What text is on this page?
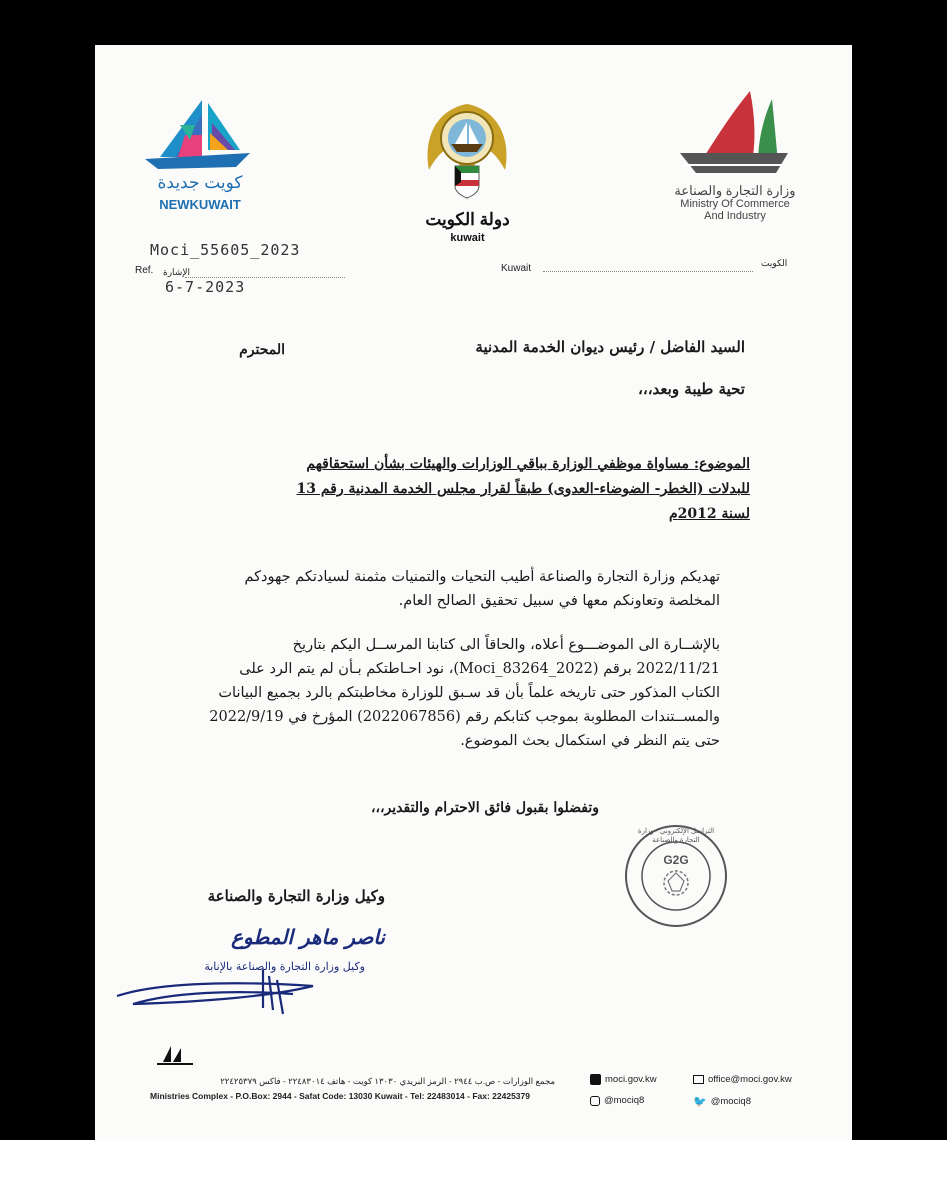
كويت جديدة
NEWKUWAIT
دولة الكويت
kuwait
وزارة التجارة والصناعة
Ministry Of Commerce
And Industry
Moci_55605_2023
Ref. الإشارة
6-7-2023
Kuwait	الكويت
السيد الفاضل / رئيس ديوان الخدمة المدنية
المحترم
تحية طيبة وبعد،،،
الموضوع: مساواة موظفي الوزارة بباقي الوزارات والهيئات بشأن استحقاقهم
للبدلات (الخطر- الضوضاء-العدوى) طبقاً لقرار مجلس الخدمة المدنية رقم 13
لسنة 2012م
تهديكم وزارة التجارة والصناعة أطيب التحيات والتمنيات مثمنة لسيادتكم جهودكم
المخلصة وتعاونكم معها في سبيل تحقيق الصالح العام.
بالإشــارة الى الموضـــوع أعلاه، والحاقاً الى كتابنا المرســل اليكم بتاريخ
2022/11/21 برقم (Moci_83264_2022)، نود احـاطتكم بـأن لم يتم الرد على
الكتاب المذكور حتى تاريخه علماً بأن قد سـبق للوزارة مخاطبتكم بالرد بجميع البيانات
والمســتندات المطلوبة بموجب كتابكم رقم (2022067856) المؤرخ في 2022/9/19
حتى يتم النظر في استكمال بحث الموضوع.
وتفضلوا بقبول فائق الاحترام والتقدير،،،
التراسل الإلكتروني - وزارة التجارة والصناعة
G2G
وكيل وزارة التجارة والصناعة
ناصر ماهر المطوع
وكيل وزارة التجارة والصناعة بالإنابة
مجمع الوزارات - ص.ب ٢٩٤٤ - الرمز البريدي ١٣٠٣٠ كويت - هاتف ٢٢٤٨٣٠١٤ - فاكس ٢٢٤٢٥٣٧٩
Ministries Complex - P.O.Box: 2944 - Safat Code: 13030 Kuwait - Tel: 22483014 - Fax: 22425379
moci.gov.kw	office@moci.gov.kw
@mociq8	🐦 @mociq8
